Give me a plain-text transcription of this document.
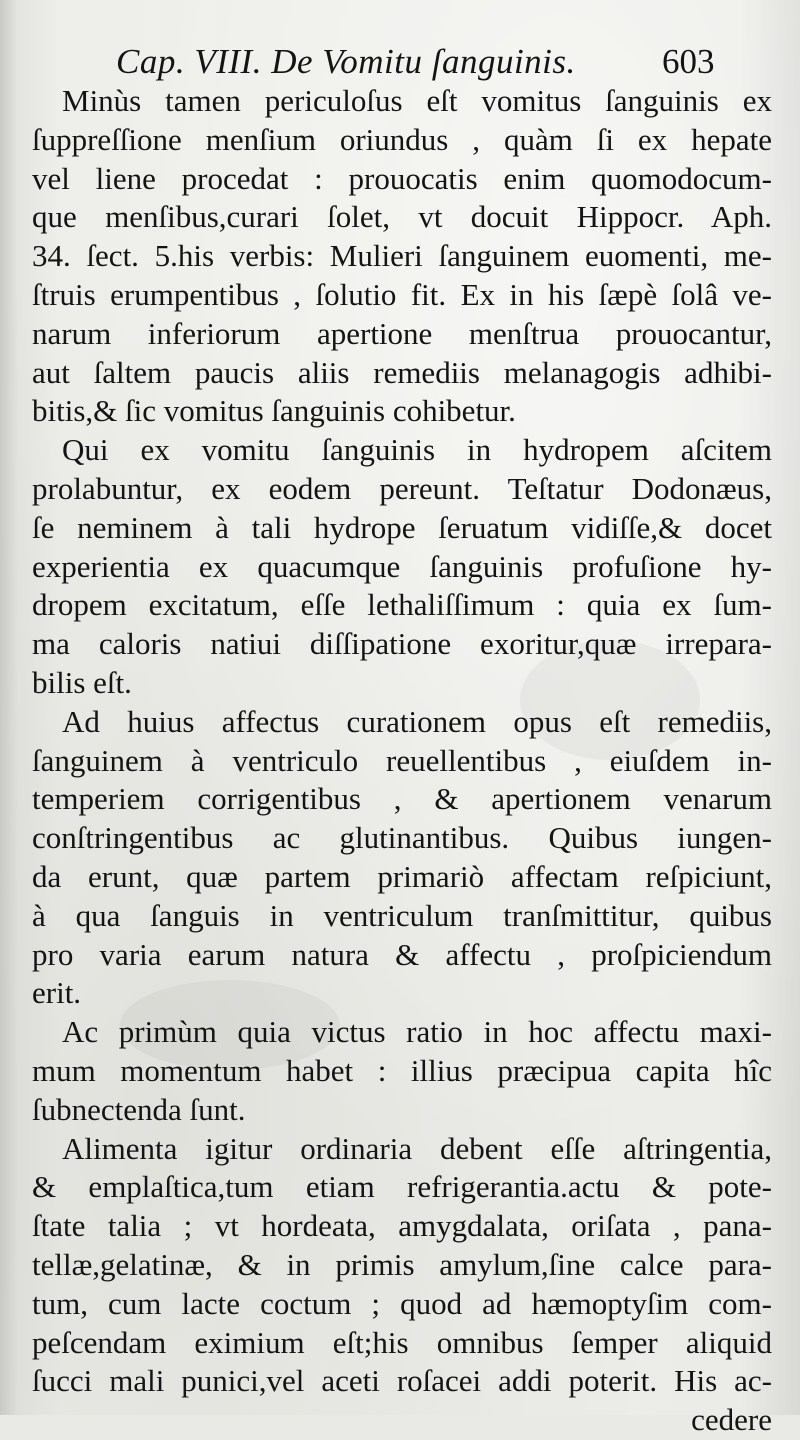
Cap. VIII. De Vomitu ſanguinis. 603
Minùs tamen periculoſus eſt vomitus ſanguinis ex
ſuppreſſione menſium oriundus , quàm ſi ex hepate
vel liene procedat : prouocatis enim quomodocum-
que menſibus,curari ſolet, vt docuit Hippocr. Aph.
34. ſect. 5.his verbis: Mulieri ſanguinem euomenti, me-
ſtruis erumpentibus , ſolutio fit. Ex in his ſæpè ſolâ ve-
narum inferiorum apertione menſtrua prouocantur,
aut ſaltem paucis aliis remediis melanagogis adhibi-
bitis,& ſic vomitus ſanguinis cohibetur.
Qui ex vomitu ſanguinis in hydropem aſcitem
prolabuntur, ex eodem pereunt. Teſtatur Dodonæus,
ſe neminem à tali hydrope ſeruatum vidiſſe,& docet
experientia ex quacumque ſanguinis profuſione hy-
dropem excitatum, eſſe lethaliſſimum : quia ex ſum-
ma caloris natiui diſſipatione exoritur,quæ irrepara-
bilis eſt.
Ad huius affectus curationem opus eſt remediis,
ſanguinem à ventriculo reuellentibus , eiuſdem in-
temperiem corrigentibus , & apertionem venarum
conſtringentibus ac glutinantibus. Quibus iungen-
da erunt, quæ partem primariò affectam reſpiciunt,
à qua ſanguis in ventriculum tranſmittitur, quibus
pro varia earum natura & affectu , proſpiciendum
erit.
Ac primùm quia victus ratio in hoc affectu maxi-
mum momentum habet : illius præcipua capita hîc
ſubnectenda ſunt.
Alimenta igitur ordinaria debent eſſe aſtringentia,
& emplaſtica,tum etiam refrigerantia.actu & pote-
ſtate talia ; vt hordeata, amygdalata, oriſata , pana-
tellæ,gelatinæ, & in primis amylum,ſine calce para-
tum, cum lacte coctum ; quod ad hæmoptyſim com-
peſcendam eximium eſt;his omnibus ſemper aliquid
ſucci mali punici,vel aceti roſacei addi poterit. His ac-
cedere
